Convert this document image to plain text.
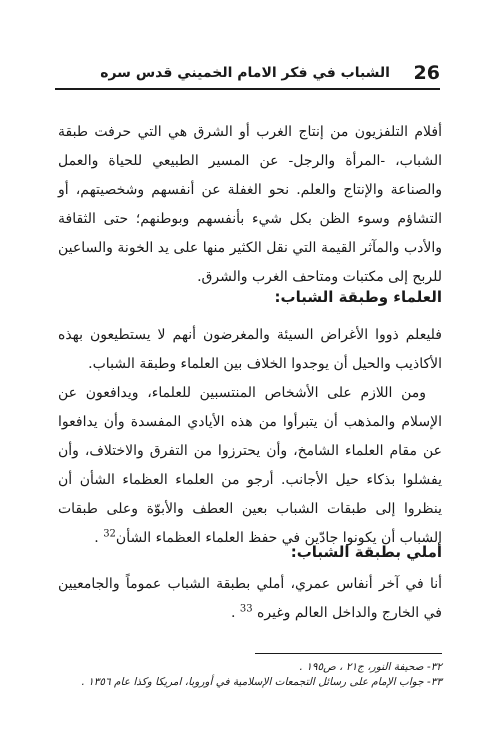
الشباب في فكر الامام الخميني قدس سره 26

أفلام التلفزيون من إنتاج الغرب أو الشرق هي التي حرفت طبقة الشباب، -المرأة والرجل- عن المسير الطبيعي للحياة والعمل والصناعة والإنتاج والعلم. نحو الغفلة عن أنفسهم وشخصيتهم، أو التشاؤم وسوء الظن بكل شيء بأنفسهم وبوطنهم؛ حتى الثقافة والأدب والمآثر القيمة التي نقل الكثير منها على يد الخونة والساعين للربح إلى مكتبات ومتاحف الغرب والشرق.

العلماء وطبقة الشباب:

فليعلم ذووا الأغراض السيئة والمغرضون أنهم لا يستطيعون بهذه الأكاذيب والحيل أن يوجدوا الخلاف بين العلماء وطبقة الشباب.

ومن اللازم على الأشخاص المنتسبين للعلماء، ويدافعون عن الإسلام والمذهب أن يتبرأوا من هذه الأيادي المفسدة وأن يدافعوا عن مقام العلماء الشامخ، وأن يحترزوا من التفرق والاختلاف، وأن يفشلوا بذكاء حيل الأجانب. أرجو من العلماء العظماء الشأن أن ينظروا إلى طبقات الشباب بعين العطف والأبوّة وعلى طبقات الشباب أن يكونوا جادّين في حفظ العلماء العظماء الشأن$^{32}$ .

أملي بطبقة الشباب:

أنا في آخر أنفاس عمري، أملي بطبقة الشباب عموماً والجامعيين في الخارج والداخل العالم وغيره $^{33}$ .

٣٢- صحيفة النور، ج٢١ ، ص١٩٥ .

٣٣- جواب الإمام على رسائل التجمعات الإسلامية في أوروبا، امريكا وكذا عام ١٣٥٦ .
